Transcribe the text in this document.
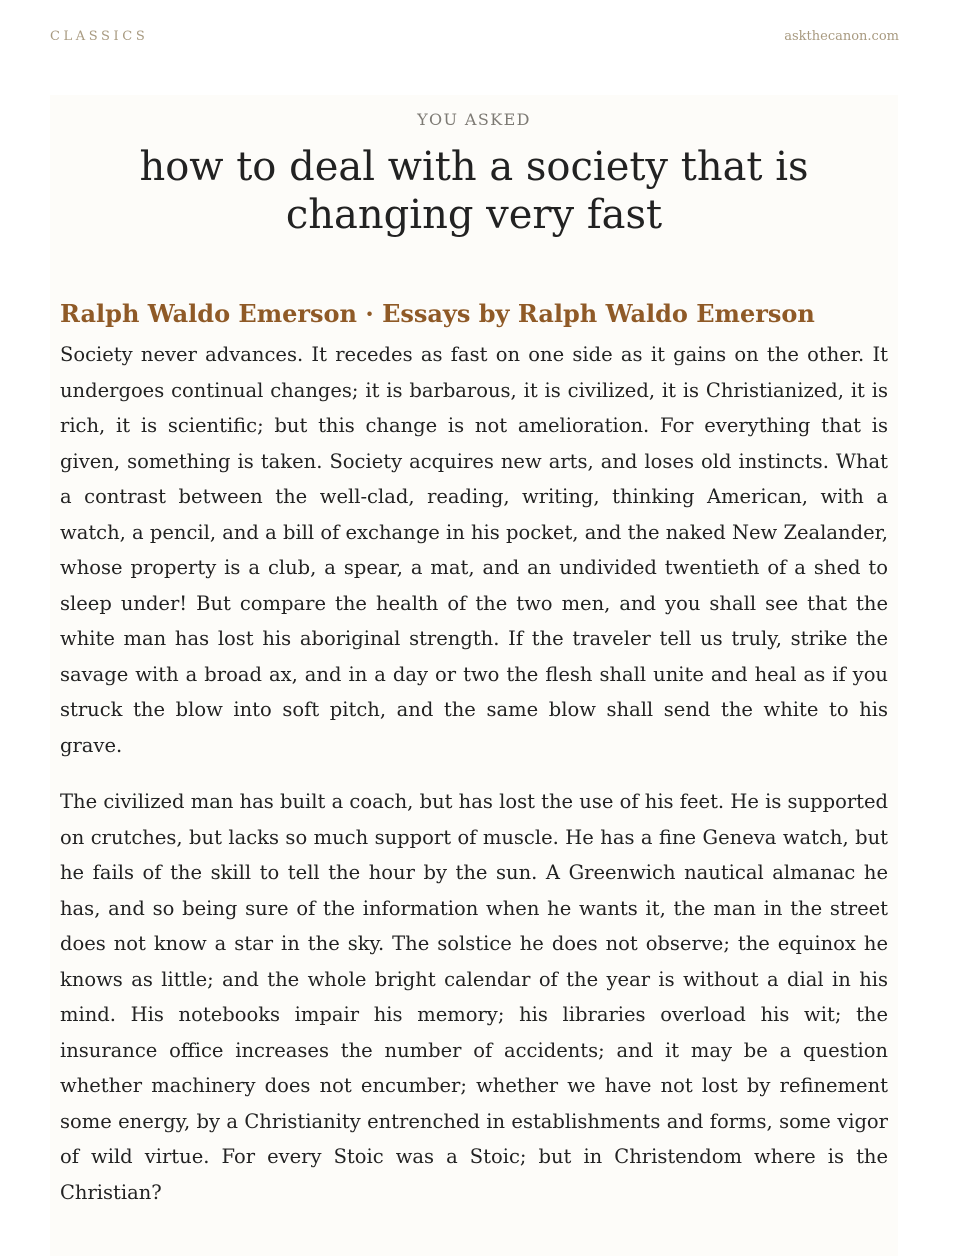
CLASSICS	askthecanon.com
YOU ASKED
how to deal with a society that is changing very fast
Ralph Waldo Emerson · Essays by Ralph Waldo Emerson

Society never advances. It recedes as fast on one side as it gains on the other. It undergoes continual changes; it is barbarous, it is civilized, it is Christianized, it is rich, it is scientific; but this change is not amelioration. For everything that is given, something is taken. Society acquires new arts, and loses old instincts. What a contrast between the well-clad, reading, writing, thinking American, with a watch, a pencil, and a bill of exchange in his pocket, and the naked New Zealander, whose property is a club, a spear, a mat, and an undivided twentieth of a shed to sleep under! But compare the health of the two men, and you shall see that the white man has lost his aboriginal strength. If the traveler tell us truly, strike the savage with a broad ax, and in a day or two the flesh shall unite and heal as if you struck the blow into soft pitch, and the same blow shall send the white to his grave.

The civilized man has built a coach, but has lost the use of his feet. He is supported on crutches, but lacks so much support of muscle. He has a fine Geneva watch, but he fails of the skill to tell the hour by the sun. A Greenwich nautical almanac he has, and so being sure of the information when he wants it, the man in the street does not know a star in the sky. The solstice he does not observe; the equinox he knows as little; and the whole bright calendar of the year is without a dial in his mind. His notebooks impair his memory; his libraries overload his wit; the insurance office increases the number of accidents; and it may be a question whether machinery does not encumber; whether we have not lost by refinement some energy, by a Christianity entrenched in establishments and forms, some vigor of wild virtue. For every Stoic was a Stoic; but in Christendom where is the Christian?
